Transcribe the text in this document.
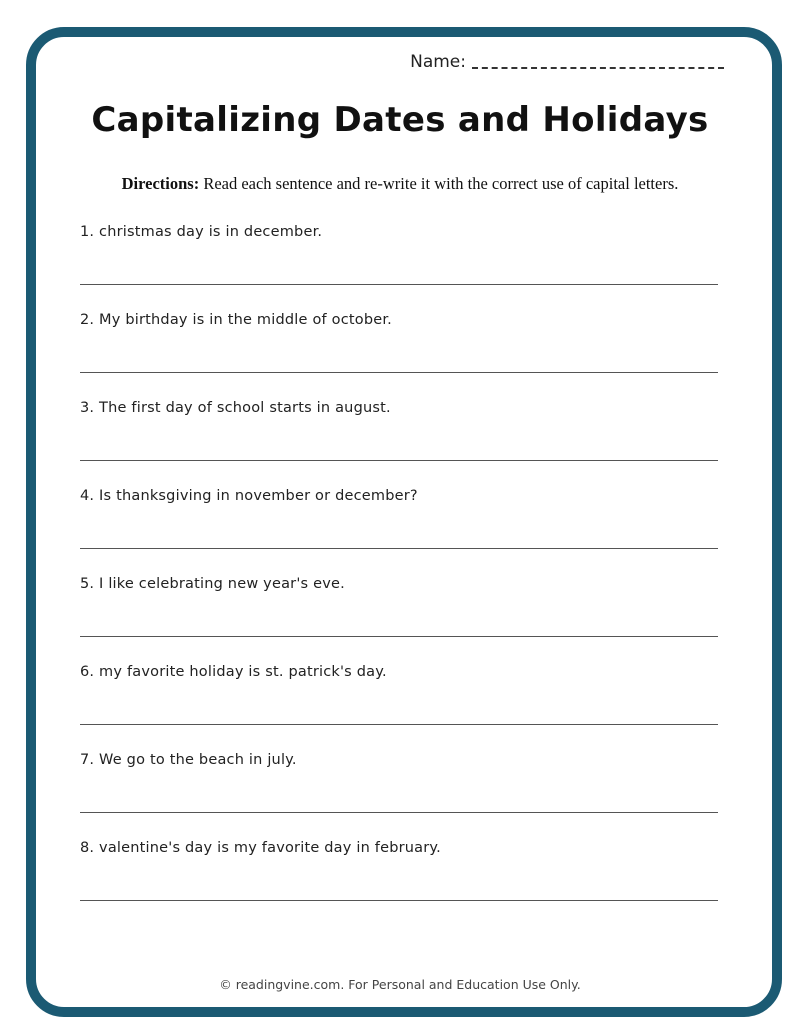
Name:
Capitalizing Dates and Holidays
Directions: Read each sentence and re-write it with the correct use of capital letters.
1. christmas day is in december.
2. My birthday is in the middle of october.
3. The first day of school starts in august.
4. Is thanksgiving in november or december?
5. I like celebrating new year's eve.
6. my favorite holiday is st. patrick's day.
7. We go to the beach in july.
8. valentine's day is my favorite day in february.
© readingvine.com. For Personal and Education Use Only.
